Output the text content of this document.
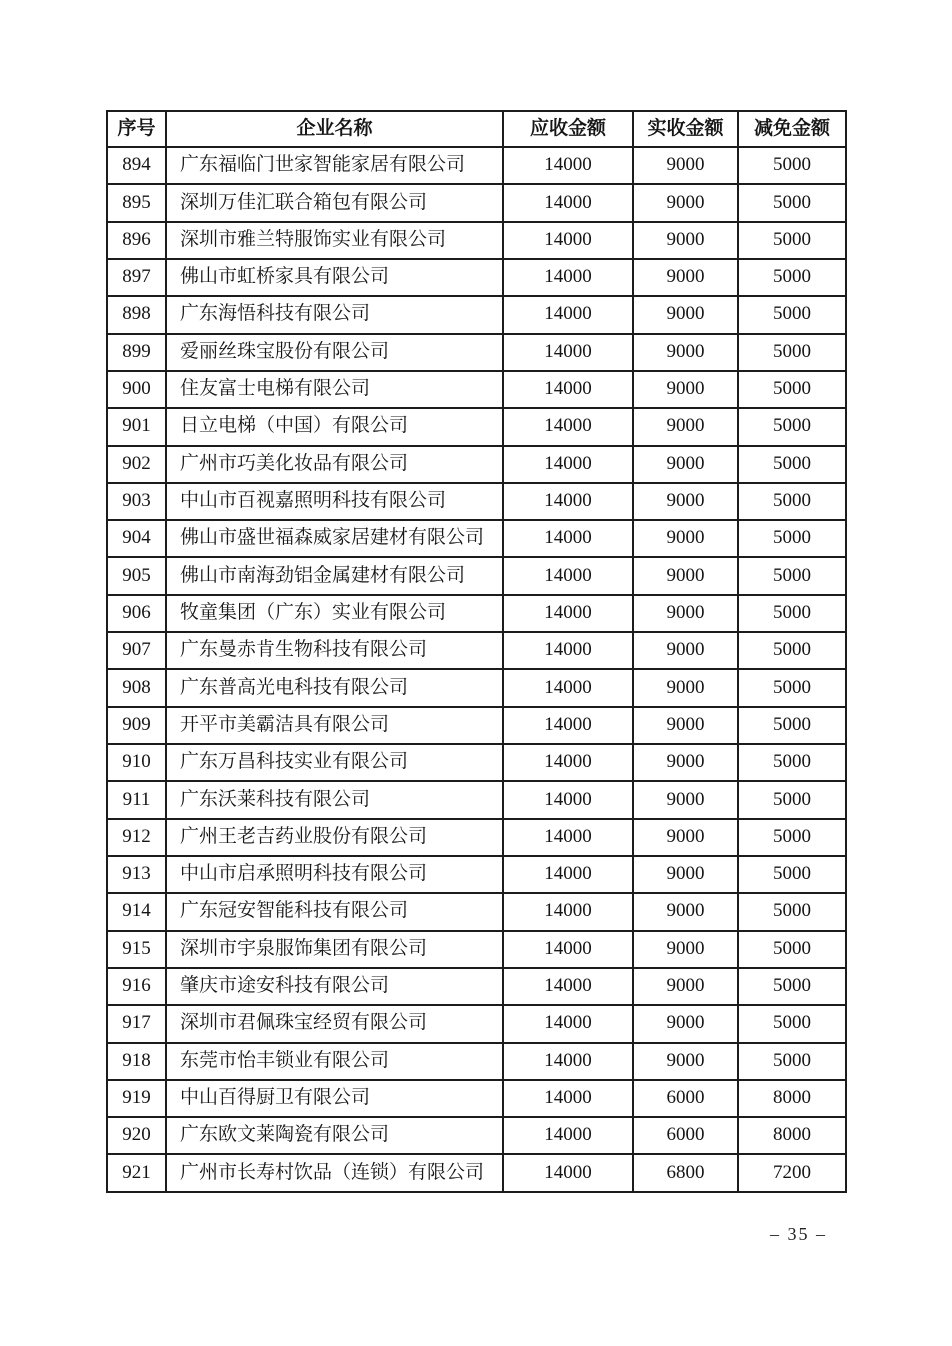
序号	企业名称	应收金额	实收金额	减免金额
894	广东福临门世家智能家居有限公司	14000	9000	5000
895	深圳万佳汇联合箱包有限公司	14000	9000	5000
896	深圳市雅兰特服饰实业有限公司	14000	9000	5000
897	佛山市虹桥家具有限公司	14000	9000	5000
898	广东海悟科技有限公司	14000	9000	5000
899	爱丽丝珠宝股份有限公司	14000	9000	5000
900	住友富士电梯有限公司	14000	9000	5000
901	日立电梯（中国）有限公司	14000	9000	5000
902	广州市巧美化妆品有限公司	14000	9000	5000
903	中山市百视嘉照明科技有限公司	14000	9000	5000
904	佛山市盛世福森威家居建材有限公司	14000	9000	5000
905	佛山市南海劲铝金属建材有限公司	14000	9000	5000
906	牧童集团（广东）实业有限公司	14000	9000	5000
907	广东曼赤肯生物科技有限公司	14000	9000	5000
908	广东普高光电科技有限公司	14000	9000	5000
909	开平市美霸洁具有限公司	14000	9000	5000
910	广东万昌科技实业有限公司	14000	9000	5000
911	广东沃莱科技有限公司	14000	9000	5000
912	广州王老吉药业股份有限公司	14000	9000	5000
913	中山市启承照明科技有限公司	14000	9000	5000
914	广东冠安智能科技有限公司	14000	9000	5000
915	深圳市宇泉服饰集团有限公司	14000	9000	5000
916	肇庆市途安科技有限公司	14000	9000	5000
917	深圳市君佩珠宝经贸有限公司	14000	9000	5000
918	东莞市怡丰锁业有限公司	14000	9000	5000
919	中山百得厨卫有限公司	14000	6000	8000
920	广东欧文莱陶瓷有限公司	14000	6000	8000
921	广州市长寿村饮品（连锁）有限公司	14000	6800	7200
– 35 –
